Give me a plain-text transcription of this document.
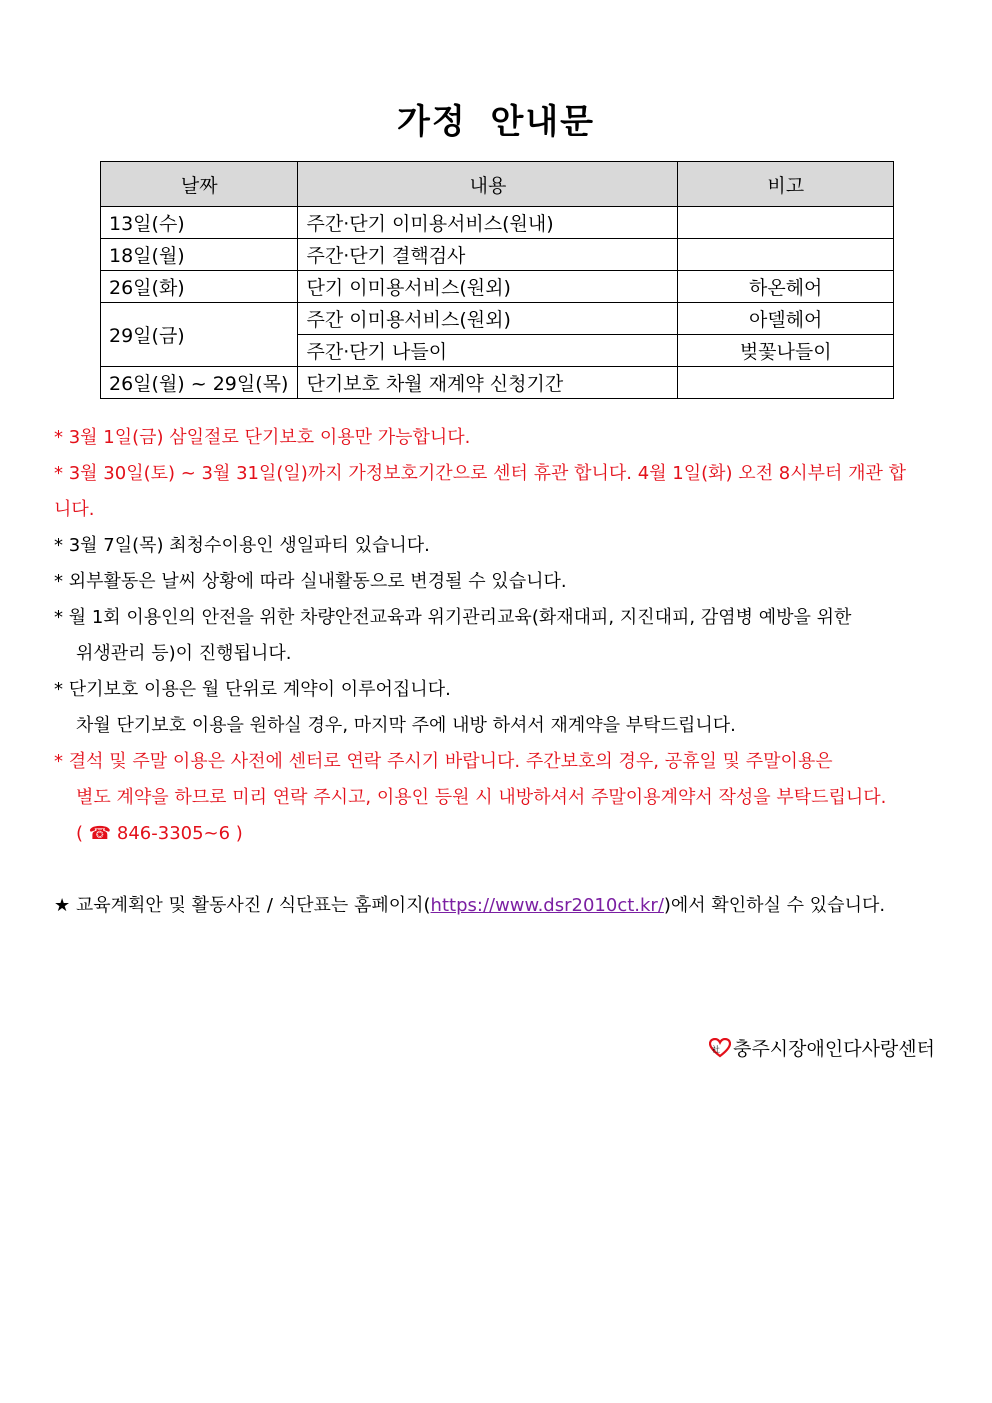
가정 안내문
날짜	내용	비고
13일(수)	주간·단기 이미용서비스(원내)	
18일(월)	주간·단기 결핵검사	
26일(화)	단기 이미용서비스(원외)	하온헤어
29일(금)	주간 이미용서비스(원외)	아델헤어
	주간·단기 나들이	벚꽃나들이
26일(월) ~ 29일(목)	단기보호 차월 재계약 신청기간	
* 3월 1일(금) 삼일절로 단기보호 이용만 가능합니다.
* 3월 30일(토) ~ 3월 31일(일)까지 가정보호기간으로 센터 휴관 합니다. 4월 1일(화) 오전 8시부터 개관 합
니다.
* 3월 7일(목) 최청수이용인 생일파티 있습니다.
* 외부활동은 날씨 상황에 따라 실내활동으로 변경될 수 있습니다.
* 월 1회 이용인의 안전을 위한 차량안전교육과 위기관리교육(화재대피, 지진대피, 감염병 예방을 위한
위생관리 등)이 진행됩니다.
* 단기보호 이용은 월 단위로 계약이 이루어집니다.
차월 단기보호 이용을 원하실 경우, 마지막 주에 내방 하셔서 재계약을 부탁드립니다.
* 결석 및 주말 이용은 사전에 센터로 연락 주시기 바랍니다. 주간보호의 경우, 공휴일 및 주말이용은
별도 계약을 하므로 미리 연락 주시고, 이용인 등원 시 내방하셔서 주말이용계약서 작성을 부탁드립니다.
( ☎ 846-3305~6 )
★ 교육계획안 및 활동사진 / 식단표는 홈페이지(https://www.dsr2010ct.kr/)에서 확인하실 수 있습니다.
社 충주시장애인다사랑센터
